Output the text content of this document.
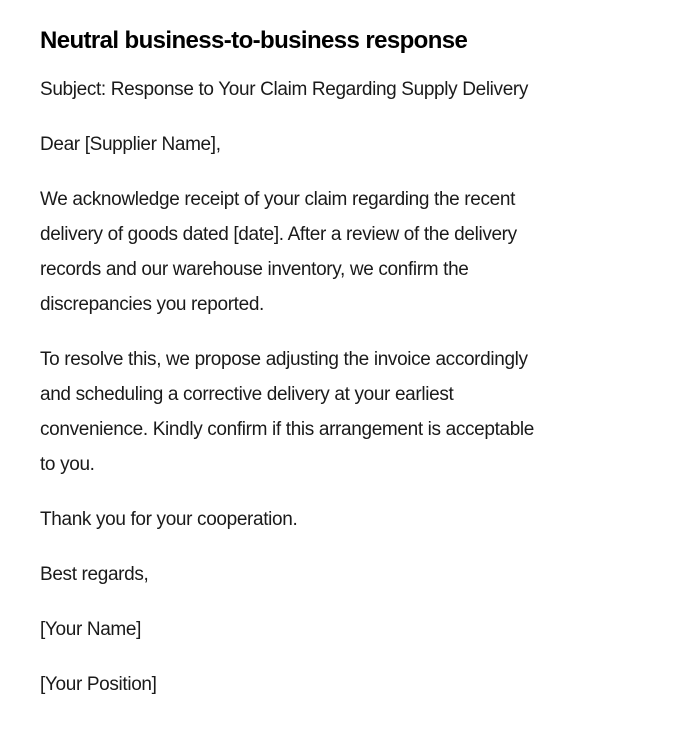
Neutral business-to-business response

Subject: Response to Your Claim Regarding Supply Delivery

Dear [Supplier Name],

We acknowledge receipt of your claim regarding the recent
delivery of goods dated [date]. After a review of the delivery
records and our warehouse inventory, we confirm the
discrepancies you reported.

To resolve this, we propose adjusting the invoice accordingly
and scheduling a corrective delivery at your earliest
convenience. Kindly confirm if this arrangement is acceptable
to you.

Thank you for your cooperation.

Best regards,

[Your Name]

[Your Position]
